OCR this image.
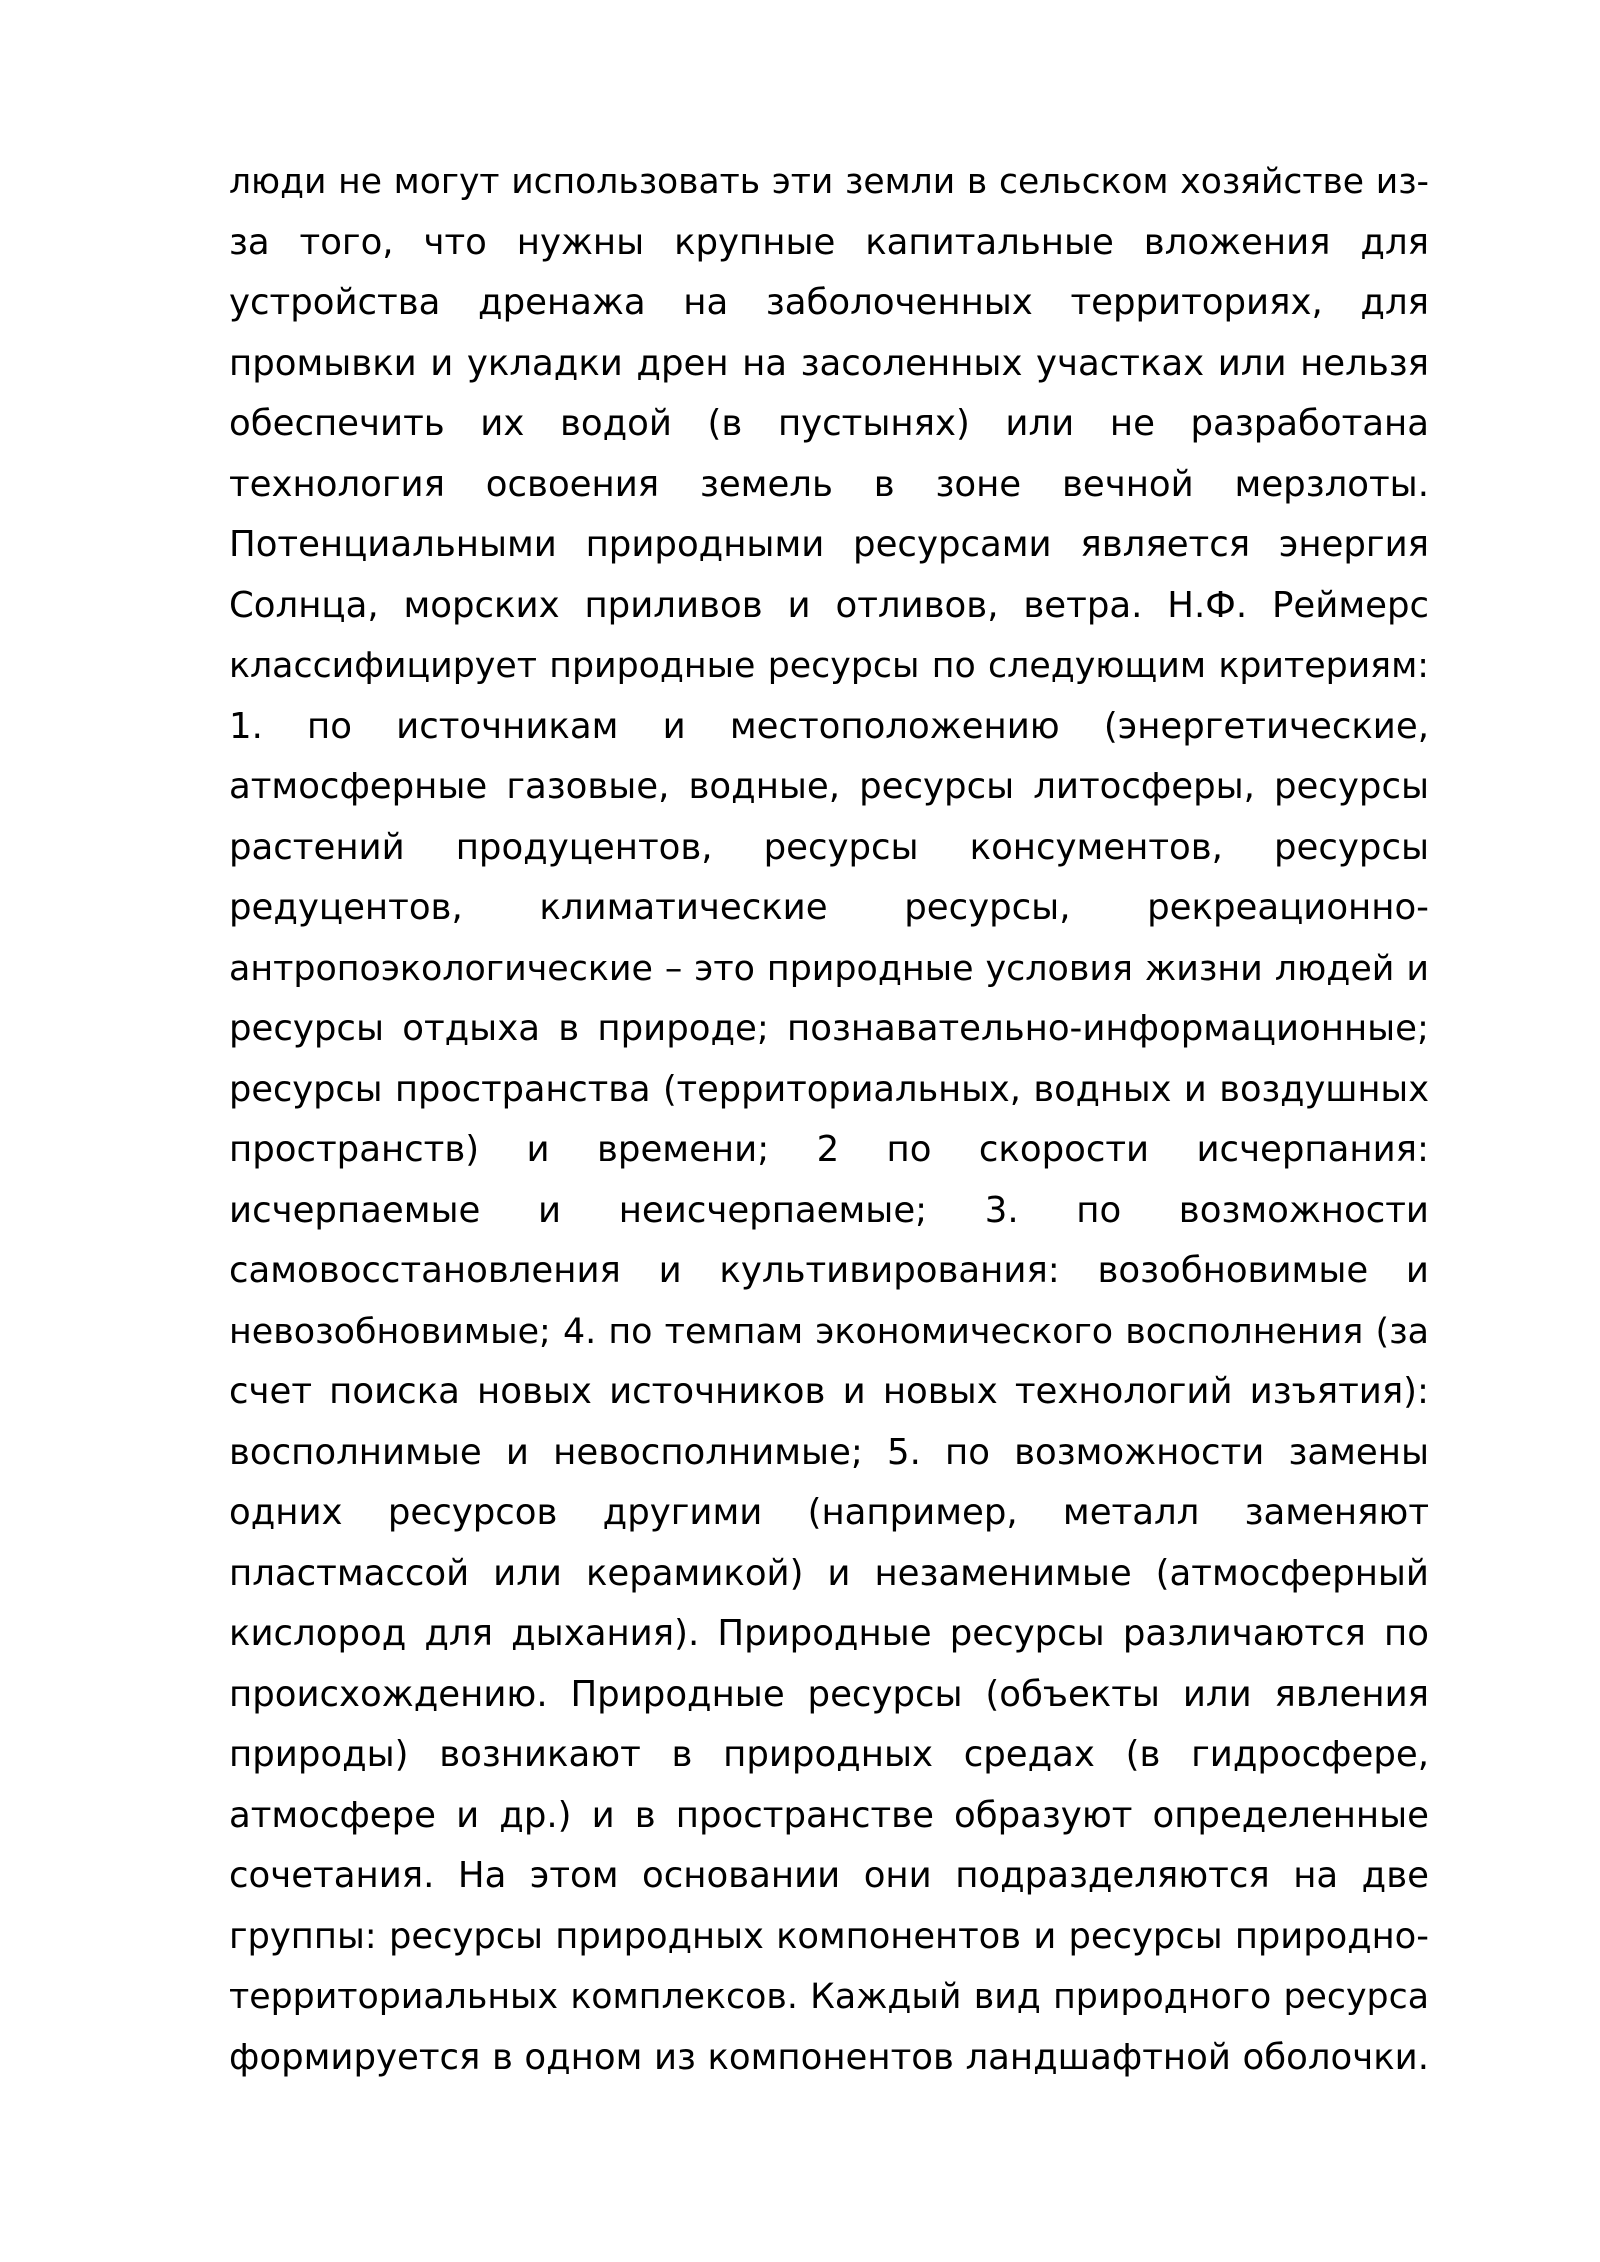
люди не могут использовать эти земли в сельском хозяйстве из-
за того, что нужны крупные капитальные вложения для
устройства дренажа на заболоченных территориях, для
промывки и укладки дрен на засоленных участках или нельзя
обеспечить их водой (в пустынях) или не разработана
технология освоения земель в зоне вечной мерзлоты.
Потенциальными природными ресурсами является энергия
Солнца, морских приливов и отливов, ветра. Н.Ф. Реймерс
классифицирует природные ресурсы по следующим критериям:
1. по источникам и местоположению (энергетические,
атмосферные газовые, водные, ресурсы литосферы, ресурсы
растений продуцентов, ресурсы консументов, ресурсы
редуцентов, климатические ресурсы, рекреационно-
антропоэкологические – это природные условия жизни людей и
ресурсы отдыха в природе; познавательно-информационные;
ресурсы пространства (территориальных, водных и воздушных
пространств) и времени; 2 по скорости исчерпания:
исчерпаемые и неисчерпаемые; 3. по возможности
самовосстановления и культивирования: возобновимые и
невозобновимые; 4. по темпам экономического восполнения (за
счет поиска новых источников и новых технологий изъятия):
восполнимые и невосполнимые; 5. по возможности замены
одних ресурсов другими (например, металл заменяют
пластмассой или керамикой) и незаменимые (атмосферный
кислород для дыхания). Природные ресурсы различаются по
происхождению. Природные ресурсы (объекты или явления
природы) возникают в природных средах (в гидросфере,
атмосфере и др.) и в пространстве образуют определенные
сочетания. На этом основании они подразделяются на две
группы: ресурсы природных компонентов и ресурсы природно-
территориальных комплексов. Каждый вид природного ресурса
формируется в одном из компонентов ландшафтной оболочки.
